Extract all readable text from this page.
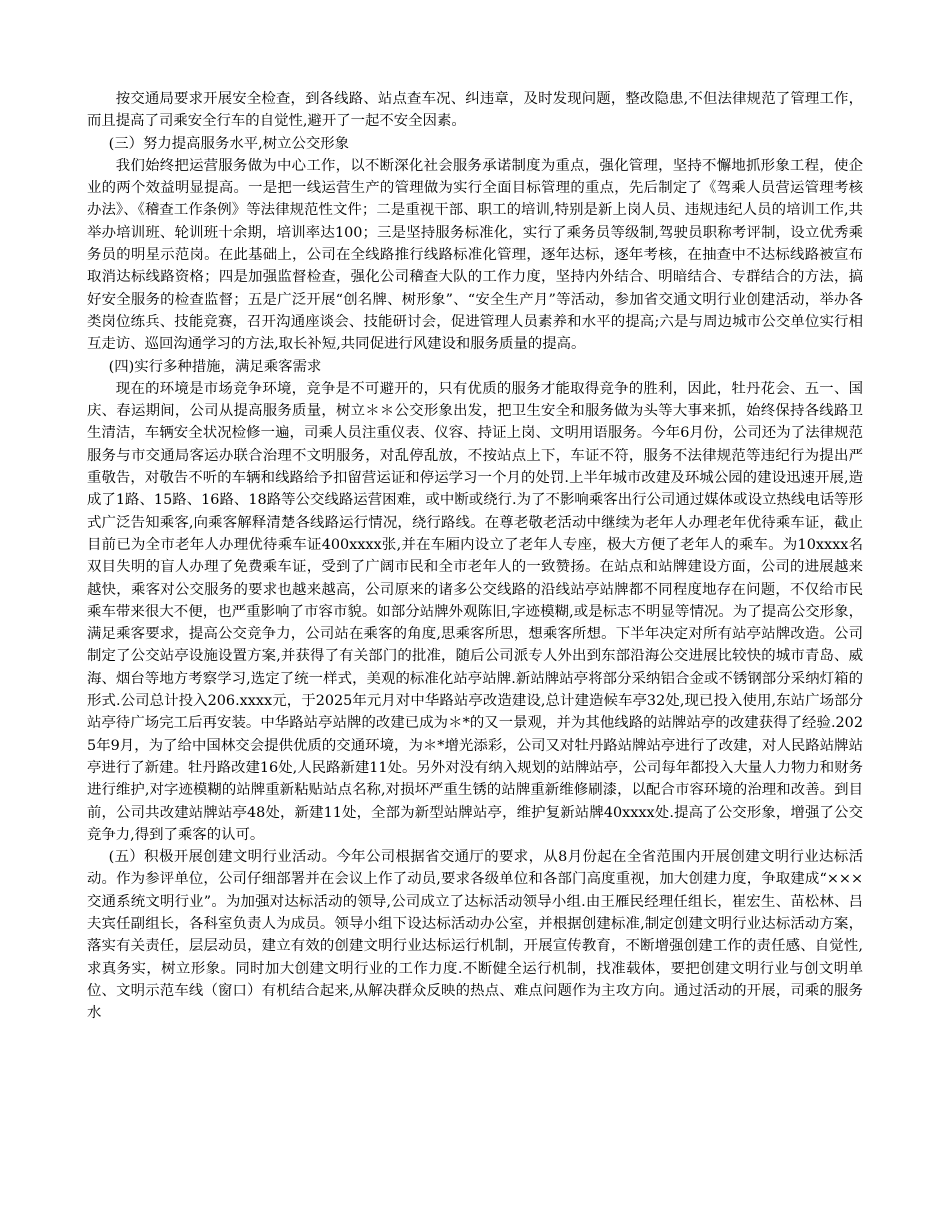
按交通局要求开展安全检查，到各线路、站点查车况、纠违章，及时发现问题，整改隐患,不但法律规范了管理工作，而且提高了司乘安全行车的自觉性,避开了一起不安全因素。

(三）努力提高服务水平,树立公交形象

我们始终把运营服务做为中心工作，以不断深化社会服务承诺制度为重点，强化管理，坚持不懈地抓形象工程，使企业的两个效益明显提高。一是把一线运营生产的管理做为实行全面目标管理的重点，先后制定了《驾乘人员营运管理考核办法》、《稽查工作条例》等法律规范性文件；二是重视干部、职工的培训,特别是新上岗人员、违规违纪人员的培训工作,共举办培训班、轮训班十余期，培训率达100；三是坚持服务标准化，实行了乘务员等级制,驾驶员职称考评制，设立优秀乘务员的明星示范岗。在此基础上，公司在全线路推行线路标准化管理，逐年达标，逐年考核，在抽查中不达标线路被宣布取消达标线路资格；四是加强监督检查，强化公司稽查大队的工作力度，坚持内外结合、明暗结合、专群结合的方法，搞好安全服务的检查监督；五是广泛开展“创名牌、树形象”、“安全生产月”等活动，参加省交通文明行业创建活动，举办各类岗位练兵、技能竞赛，召开沟通座谈会、技能研讨会，促进管理人员素养和水平的提高;六是与周边城市公交单位实行相互走访、巡回沟通学习的方法,取长补短,共同促进行风建设和服务质量的提高。

(四)实行多种措施，满足乘客需求

现在的环境是市场竞争环境，竞争是不可避开的，只有优质的服务才能取得竞争的胜利，因此，牡丹花会、五一、国庆、春运期间，公司从提高服务质量，树立＊＊公交形象出发，把卫生安全和服务做为头等大事来抓，始终保持各线路卫生清洁，车辆安全状况检修一遍，司乘人员注重仪表、仪容、持证上岗、文明用语服务。今年6月份，公司还为了法律规范服务与市交通局客运办联合治理不文明服务，对乱停乱放，不按站点上下，车证不符，服务不法律规范等违纪行为提出严重敬告，对敬告不听的车辆和线路给予扣留营运证和停运学习一个月的处罚.上半年城市改建及环城公园的建设迅速开展,造成了1路、15路、16路、18路等公交线路运营困难，或中断或绕行.为了不影响乘客出行公司通过媒体或设立热线电话等形式广泛告知乘客,向乘客解释清楚各线路运行情况，绕行路线。在尊老敬老活动中继续为老年人办理老年优待乘车证，截止目前已为全市老年人办理优待乘车证400xxxx张,并在车厢内设立了老年人专座，极大方便了老年人的乘车。为10xxxx名双目失明的盲人办理了免费乘车证，受到了广阔市民和全市老年人的一致赞扬。在站点和站牌建设方面，公司的进展越来越快，乘客对公交服务的要求也越来越高，公司原来的诸多公交线路的沿线站亭站牌都不同程度地存在问题，不仅给市民乘车带来很大不便，也严重影响了市容市貌。如部分站牌外观陈旧,字迹模糊,或是标志不明显等情况。为了提高公交形象，满足乘客要求，提高公交竞争力，公司站在乘客的角度,思乘客所思，想乘客所想。下半年决定对所有站亭站牌改造。公司制定了公交站亭设施设置方案,并获得了有关部门的批准，随后公司派专人外出到东部沿海公交进展比较快的城市青岛、威海、烟台等地方考察学习,选定了统一样式，美观的标准化站亭站牌.新站牌站亭将部分采纳铝合金或不锈钢部分采纳灯箱的形式.公司总计投入206.xxxx元，于2025年元月对中华路站亭改造建设,总计建造候车亭32处,现已投入使用,东站广场部分站亭待广场完工后再安装。中华路站亭站牌的改建已成为＊*的又一景观，并为其他线路的站牌站亭的改建获得了经验.2025年9月，为了给中国林交会提供优质的交通环境，为＊*增光添彩，公司又对牡丹路站牌站亭进行了改建，对人民路站牌站亭进行了新建。牡丹路改建16处,人民路新建11处。另外对没有纳入规划的站牌站亭，公司每年都投入大量人力物力和财务进行维护,对字迹模糊的站牌重新粘贴站点名称,对损坏严重生锈的站牌重新维修刷漆，以配合市容环境的治理和改善。到目前，公司共改建站牌站亭48处，新建11处，全部为新型站牌站亭，维护复新站牌40xxxx处.提高了公交形象，增强了公交竞争力,得到了乘客的认可。

(五）积极开展创建文明行业活动。今年公司根据省交通厅的要求，从8月份起在全省范围内开展创建文明行业达标活动。作为参评单位，公司仔细部署并在会议上作了动员,要求各级单位和各部门高度重视，加大创建力度，争取建成“×××交通系统文明行业”。为加强对达标活动的领导,公司成立了达标活动领导小组.由王雁民经理任组长，崔宏生、苗松林、吕夫宾任副组长，各科室负责人为成员。领导小组下设达标活动办公室，并根据创建标准,制定创建文明行业达标活动方案，落实有关责任，层层动员，建立有效的创建文明行业达标运行机制，开展宣传教育，不断增强创建工作的责任感、自觉性,求真务实，树立形象。同时加大创建文明行业的工作力度.不断健全运行机制，找准载体，要把创建文明行业与创文明单位、文明示范车线（窗口）有机结合起来,从解决群众反映的热点、难点问题作为主攻方向。通过活动的开展，司乘的服务水
